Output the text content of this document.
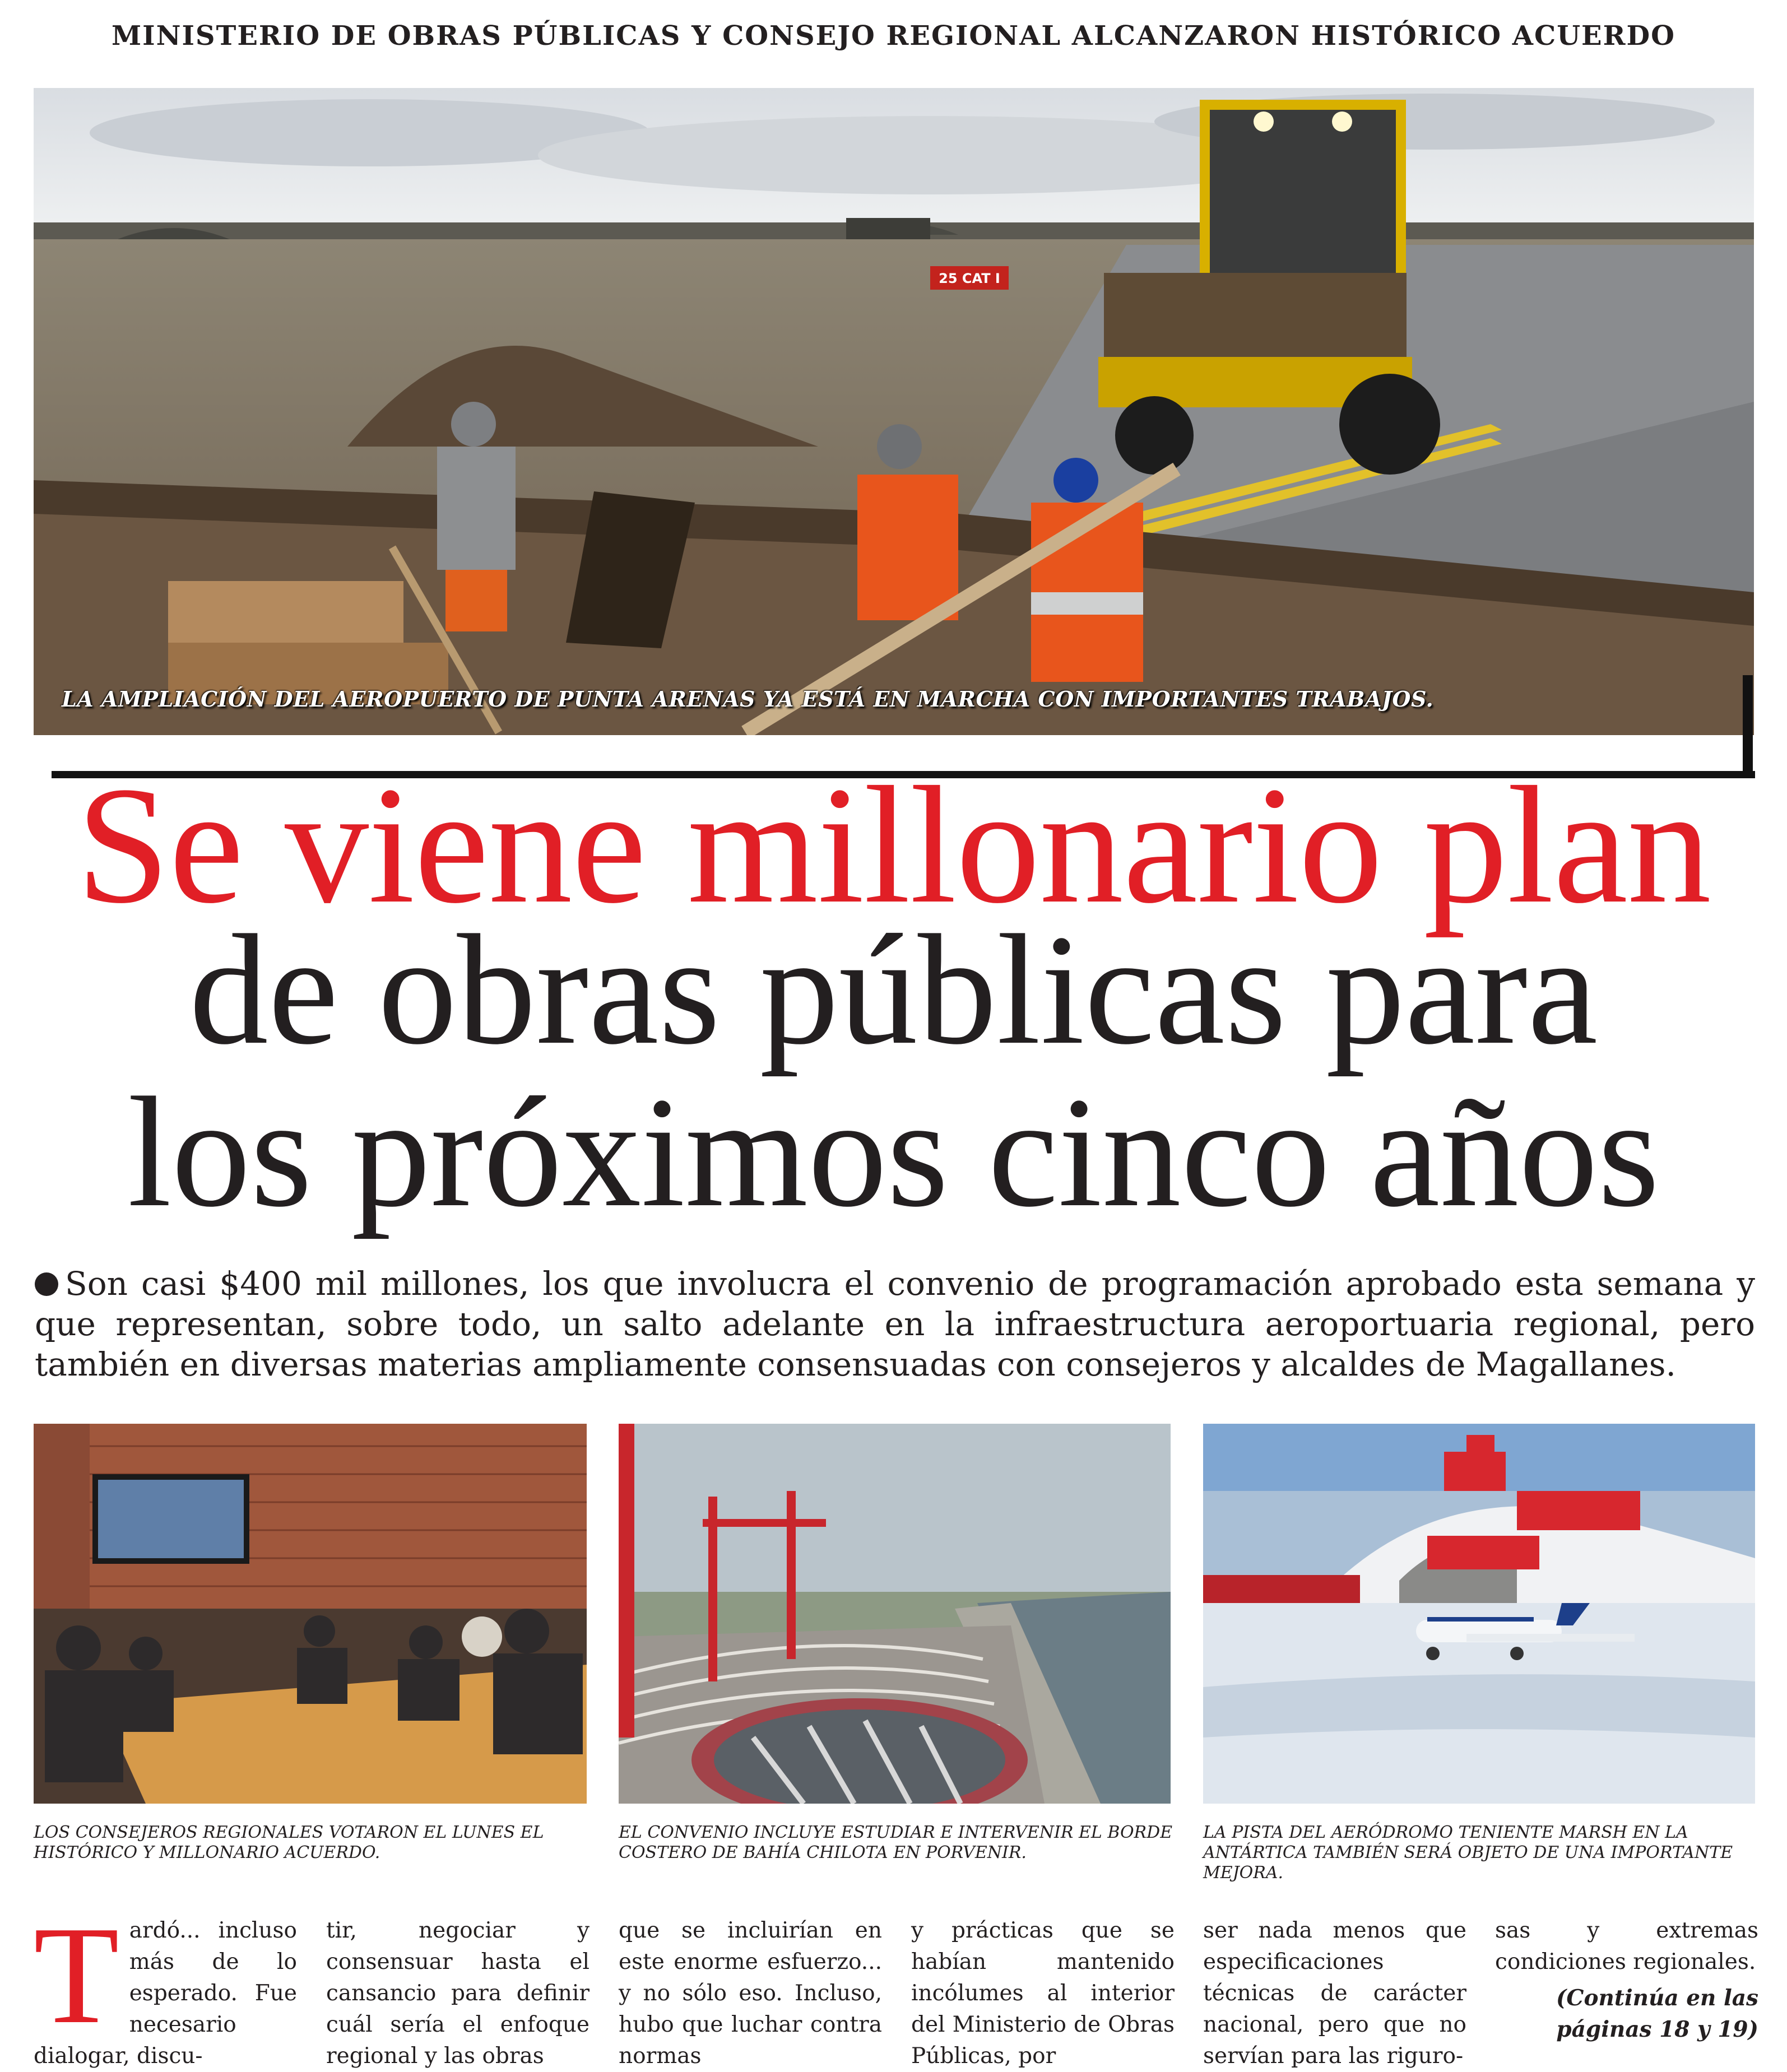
MINISTERIO DE OBRAS PÚBLICAS Y CONSEJO REGIONAL ALCANZARON HISTÓRICO ACUERDO
25 CAT I
LA AMPLIACIÓN DEL AEROPUERTO DE PUNTA ARENAS YA ESTÁ EN MARCHA CON IMPORTANTES TRABAJOS.
Se viene millonario plan
de obras públicas para
los próximos cinco años
Son casi $400 mil millones, los que involucra el convenio de programación aprobado esta semana y que representan, sobre todo, un salto adelante en la infraestructura aeroportuaria regional, pero también en diversas materias ampliamente consensuadas con consejeros y alcaldes de Magallanes.
LOS CONSEJEROS REGIONALES VOTARON EL LUNES EL HISTÓRICO Y MILLONARIO ACUERDO.
EL CONVENIO INCLUYE ESTUDIAR E INTERVENIR EL BORDE COSTERO DE BAHÍA CHILOTA EN PORVENIR.
LA PISTA DEL AERÓDROMO TENIENTE MARSH EN LA ANTÁRTICA TAMBIÉN SERÁ OBJETO DE UNA IMPORTANTE MEJORA.
Tardó... incluso más de lo esperado. Fue necesario dialogar, discu-
tir, negociar y consensuar hasta el cansancio para definir cuál sería el enfoque regional y las obras
que se incluirían en este enorme esfuerzo... y no sólo eso. Incluso, hubo que luchar contra normas
y prácticas que se habían mantenido incólumes al interior del Ministerio de Obras Públicas, por
ser nada menos que especificaciones técnicas de carácter nacional, pero que no servían para las riguro-
sas y extremas condiciones regionales.
(Continúa en las páginas 18 y 19)
